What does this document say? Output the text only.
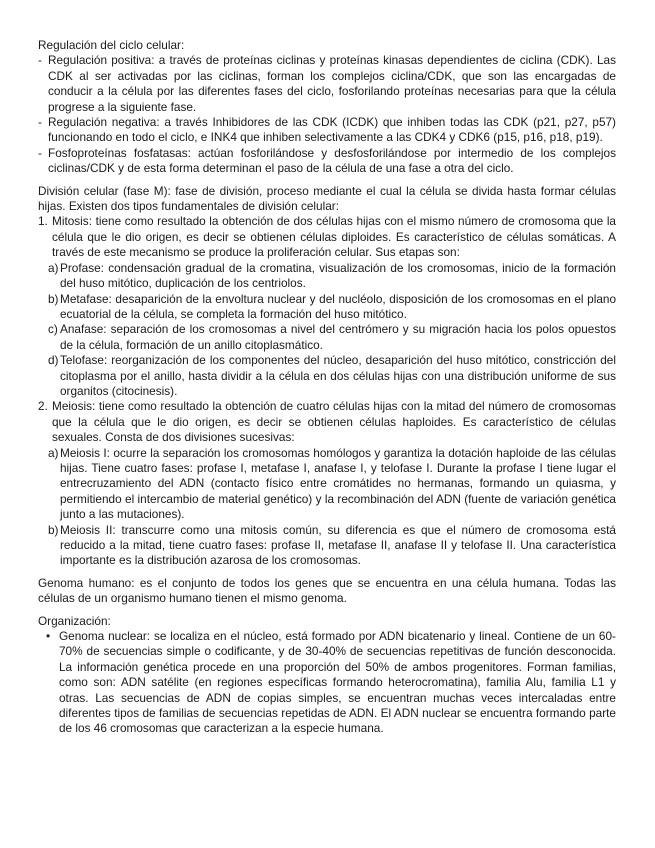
Regulación del ciclo celular:

- Regulación positiva: a través de proteínas ciclinas y proteínas kinasas dependientes de ciclina (CDK). Las CDK al ser activadas por las ciclinas, forman los complejos ciclina/CDK, que son las encargadas de conducir a la célula por las diferentes fases del ciclo, fosforilando proteínas necesarias para que la célula progrese a la siguiente fase.
- Regulación negativa: a través Inhibidores de las CDK (ICDK) que inhiben todas las CDK (p21, p27, p57) funcionando en todo el ciclo, e INK4 que inhiben selectivamente a las CDK4 y CDK6 (p15, p16, p18, p19).
- Fosfoproteínas fosfatasas: actúan fosforilándose y desfosforilándose por intermedio de los complejos ciclinas/CDK y de esta forma determinan el paso de la célula de una fase a otra del ciclo.

División celular (fase M): fase de división, proceso mediante el cual la célula se divida hasta formar células hijas. Existen dos tipos fundamentales de división celular:

1. Mitosis: tiene como resultado la obtención de dos células hijas con el mismo número de cromosoma que la célula que le dio origen, es decir se obtienen células diploides. Es característico de células somáticas. A través de este mecanismo se produce la proliferación celular. Sus etapas son:
a) Profase: condensación gradual de la cromatina, visualización de los cromosomas, inicio de la formación del huso mitótico, duplicación de los centriolos.
b) Metafase: desaparición de la envoltura nuclear y del nucléolo, disposición de los cromosomas en el plano ecuatorial de la célula, se completa la formación del huso mitótico.
c) Anafase: separación de los cromosomas a nivel del centrómero y su migración hacia los polos opuestos de la célula, formación de un anillo citoplasmático.
d) Telofase: reorganización de los componentes del núcleo, desaparición del huso mitótico, constricción del citoplasma por el anillo, hasta dividir a la célula en dos células hijas con una distribución uniforme de sus organitos (citocinesis).
2. Meiosis: tiene como resultado la obtención de cuatro células hijas con la mitad del número de cromosomas que la célula que le dio origen, es decir se obtienen células haploides. Es característico de células sexuales. Consta de dos divisiones sucesivas:
a) Meiosis I: ocurre la separación los cromosomas homólogos y garantiza la dotación haploide de las células hijas. Tiene cuatro fases: profase I, metafase I, anafase I, y telofase I. Durante la profase I tiene lugar el entrecruzamiento del ADN (contacto físico entre cromátides no hermanas, formando un quiasma, y permitiendo el intercambio de material genético) y la recombinación del ADN (fuente de variación genética junto a las mutaciones).
b) Meiosis II: transcurre como una mitosis común, su diferencia es que el número de cromosoma está reducido a la mitad, tiene cuatro fases: profase II, metafase II, anafase II y telofase II. Una característica importante es la distribución azarosa de los cromosomas.

Genoma humano: es el conjunto de todos los genes que se encuentra en una célula humana. Todas las células de un organismo humano tienen el mismo genoma.

Organización:

• Genoma nuclear: se localiza en el núcleo, está formado por ADN bicatenario y lineal. Contiene de un 60-70% de secuencias simple o codificante, y de 30-40% de secuencias repetitivas de función desconocida. La información genética procede en una proporción del 50% de ambos progenitores. Forman familias, como son: ADN satélite (en regiones específicas formando heterocromatina), familia Alu, familia L1 y otras. Las secuencias de ADN de copias simples, se encuentran muchas veces intercaladas entre diferentes tipos de familias de secuencias repetidas de ADN. El ADN nuclear se encuentra formando parte de los 46 cromosomas que caracterizan a la especie humana.
